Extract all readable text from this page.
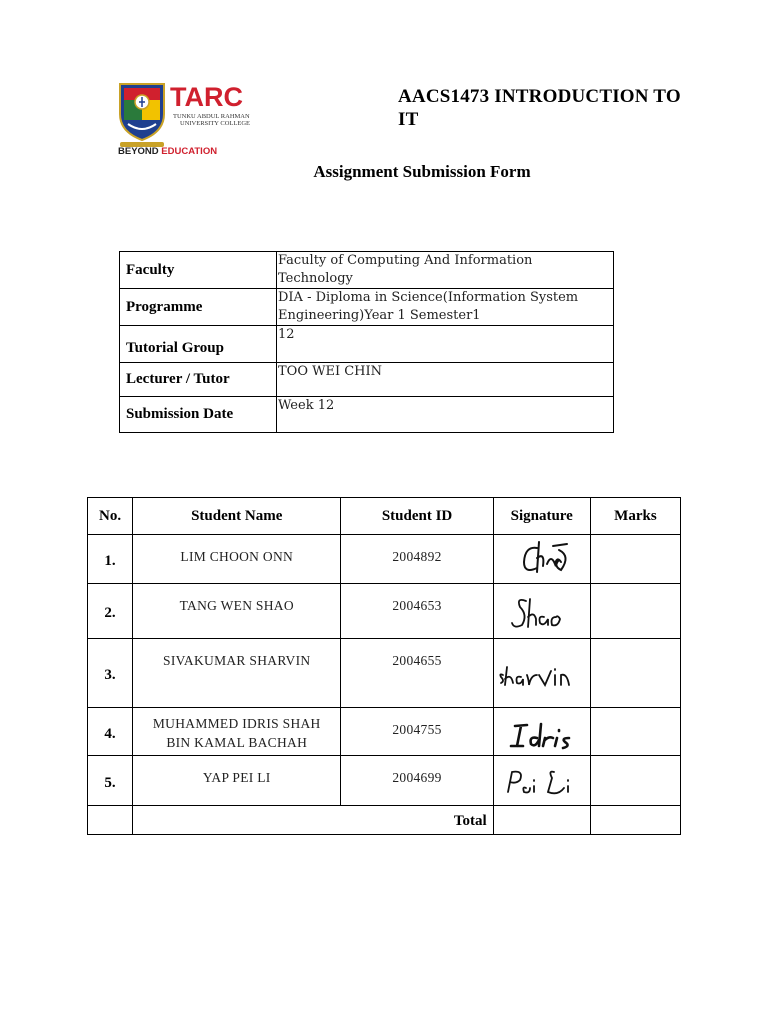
TARC
TUNKU ABDUL RAHMAN
UNIVERSITY COLLEGE
BEYOND EDUCATION
AACS1473 INTRODUCTION TO IT
Assignment Submission Form
Faculty	Faculty of Computing And Information Technology
Programme	DIA - Diploma in Science(Information System Engineering)Year 1 Semester1
Tutorial Group	12
Lecturer / Tutor	TOO WEI CHIN
Submission Date	Week 12
No.	Student Name	Student ID	Signature	Marks
1.	LIM CHOON ONN	2004892	

2.	TANG WEN SHAO	2004653	

3.	SIVAKUMAR SHARVIN	2004655	

4.	MUHAMMED IDRIS SHAH
BIN KAMAL BACHAH	2004755	

5.	YAP PEI LI	2004699	

	Total			
